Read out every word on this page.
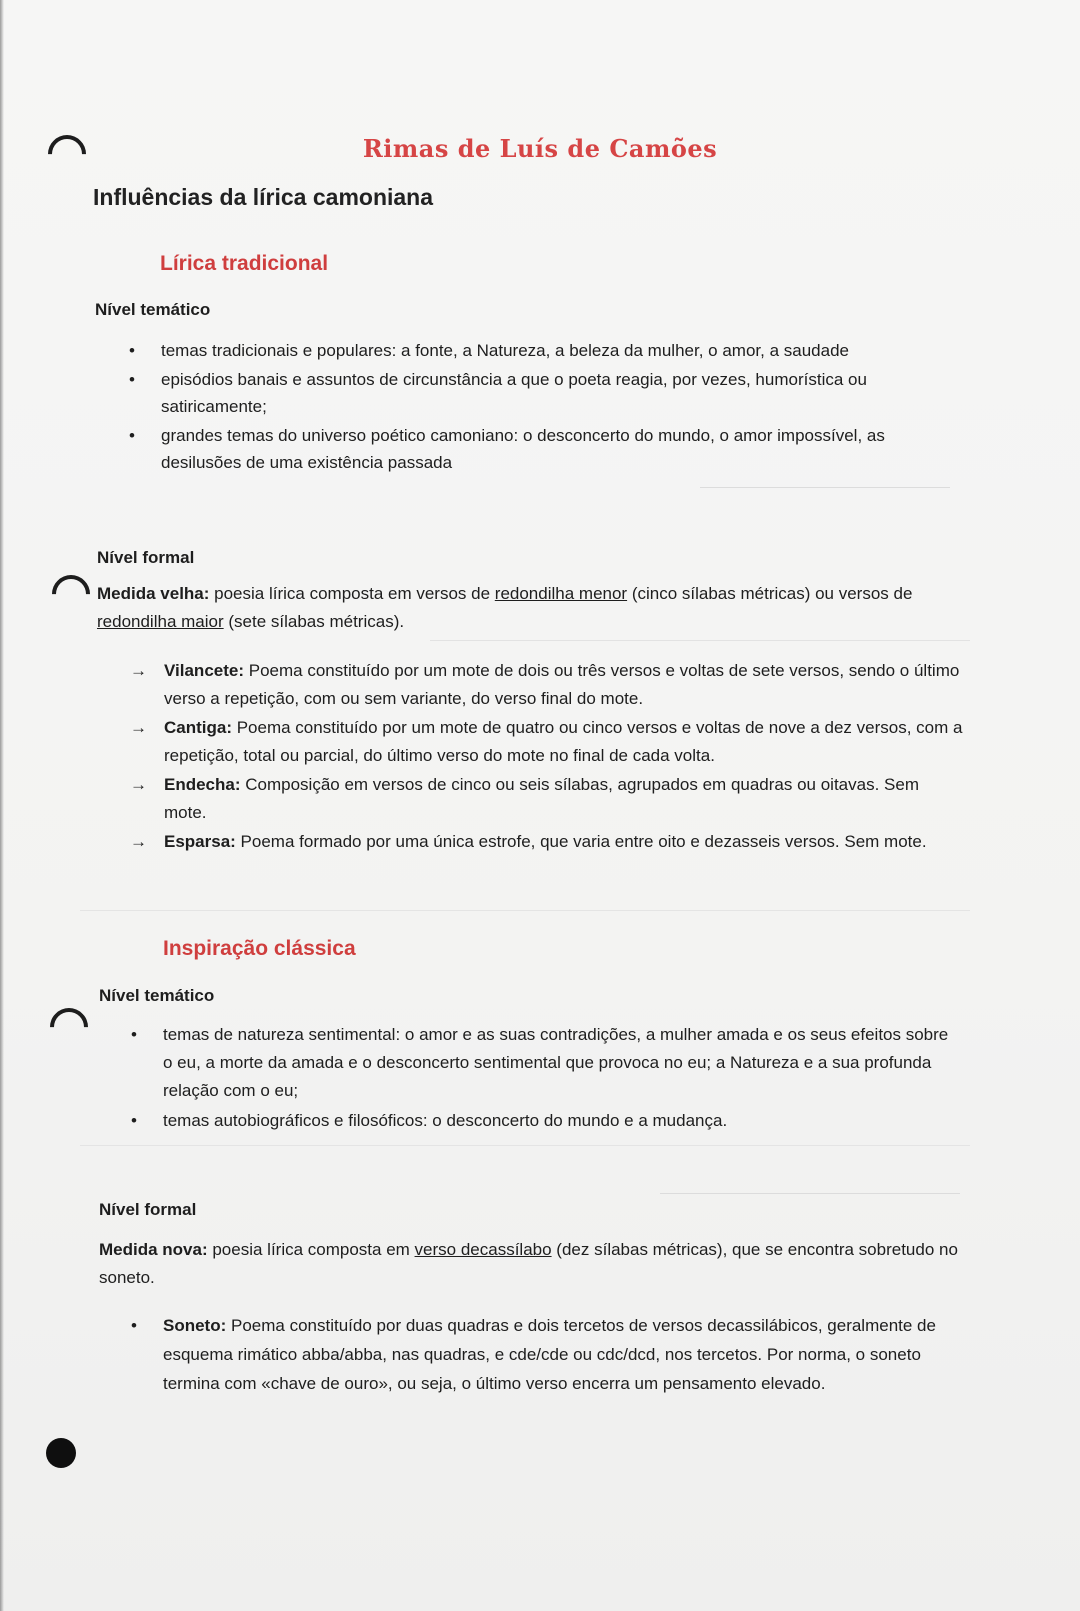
Rimas de Luís de Camões
Influências da lírica camoniana
Lírica tradicional
Nível temático
• temas tradicionais e populares: a fonte, a Natureza, a beleza da mulher, o amor, a saudade
• episódios banais e assuntos de circunstância a que o poeta reagia, por vezes, humorística ou satiricamente;
• grandes temas do universo poético camoniano: o desconcerto do mundo, o amor impossível, as desilusões de uma existência passada
Nível formal

Medida velha: poesia lírica composta em versos de redondilha menor (cinco sílabas métricas) ou versos de redondilha maior (sete sílabas métricas).

→ Vilancete: Poema constituído por um mote de dois ou três versos e voltas de sete versos, sendo o último verso a repetição, com ou sem variante, do verso final do mote.
→ Cantiga: Poema constituído por um mote de quatro ou cinco versos e voltas de nove a dez versos, com a repetição, total ou parcial, do último verso do mote no final de cada volta.
→ Endecha: Composição em versos de cinco ou seis sílabas, agrupados em quadras ou oitavas. Sem mote.
→ Esparsa: Poema formado por uma única estrofe, que varia entre oito e dezasseis versos. Sem mote.
Inspiração clássica
Nível temático
• temas de natureza sentimental: o amor e as suas contradições, a mulher amada e os seus efeitos sobre o eu, a morte da amada e o desconcerto sentimental que provoca no eu; a Natureza e a sua profunda relação com o eu;
• temas autobiográficos e filosóficos: o desconcerto do mundo e a mudança.
Nível formal

Medida nova: poesia lírica composta em verso decassílabo (dez sílabas métricas), que se encontra sobretudo no soneto.

• Soneto: Poema constituído por duas quadras e dois tercetos de versos decassilábicos, geralmente de esquema rimático abba/abba, nas quadras, e cde/cde ou cdc/dcd, nos tercetos. Por norma, o soneto termina com «chave de ouro», ou seja, o último verso encerra um pensamento elevado.
